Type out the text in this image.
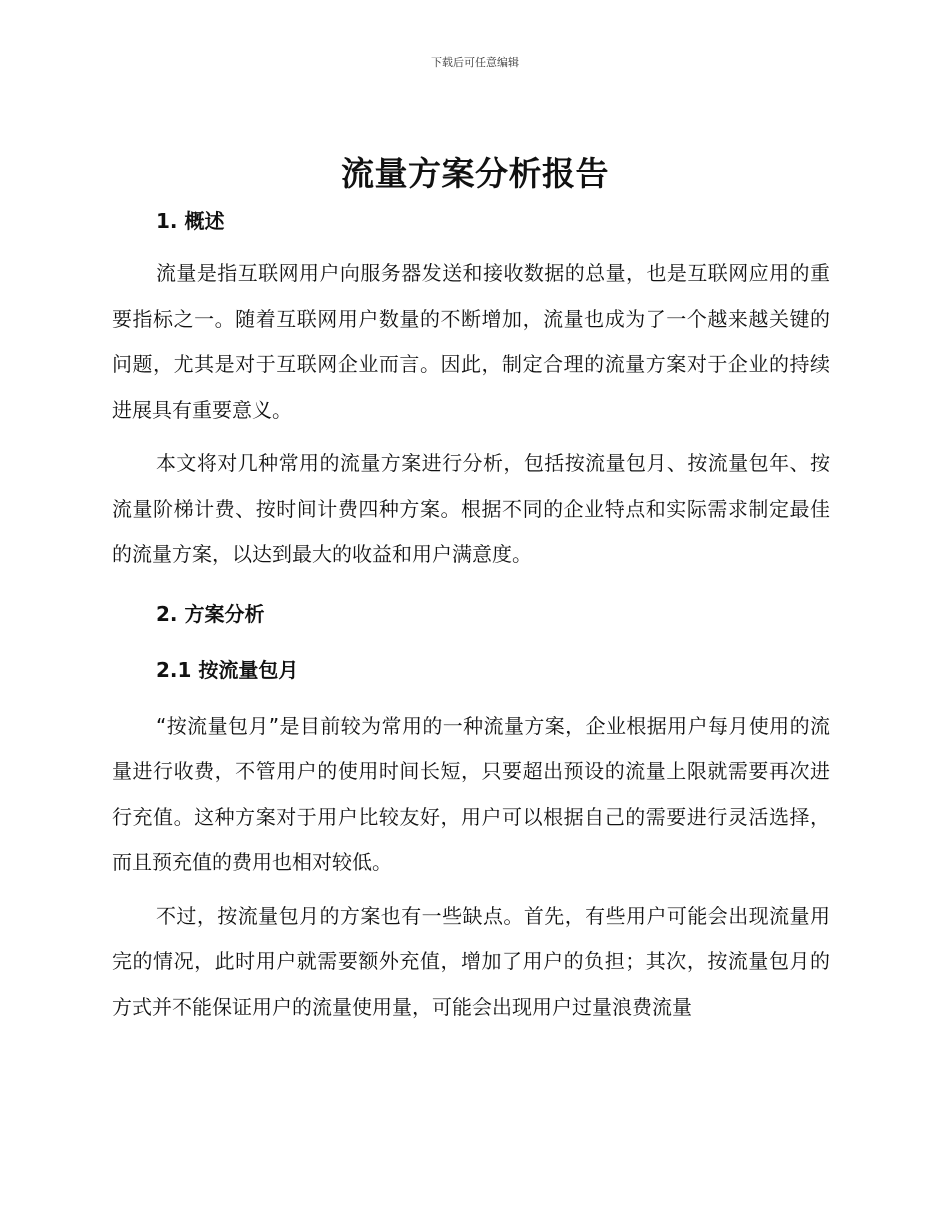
下载后可任意编辑
流量方案分析报告
1. 概述

流量是指互联网用户向服务器发送和接收数据的总量，也是互联网应用的重要指标之一。随着互联网用户数量的不断增加，流量也成为了一个越来越关键的问题，尤其是对于互联网企业而言。因此，制定合理的流量方案对于企业的持续进展具有重要意义。

本文将对几种常用的流量方案进行分析，包括按流量包月、按流量包年、按流量阶梯计费、按时间计费四种方案。根据不同的企业特点和实际需求制定最佳的流量方案，以达到最大的收益和用户满意度。

2. 方案分析
2.1 按流量包月

“按流量包月”是目前较为常用的一种流量方案，企业根据用户每月使用的流量进行收费，不管用户的使用时间长短，只要超出预设的流量上限就需要再次进行充值。这种方案对于用户比较友好，用户可以根据自己的需要进行灵活选择，而且预充值的费用也相对较低。

不过，按流量包月的方案也有一些缺点。首先，有些用户可能会出现流量用完的情况，此时用户就需要额外充值，增加了用户的负担；其次，按流量包月的方式并不能保证用户的流量使用量，可能会出现用户过量浪费流量
